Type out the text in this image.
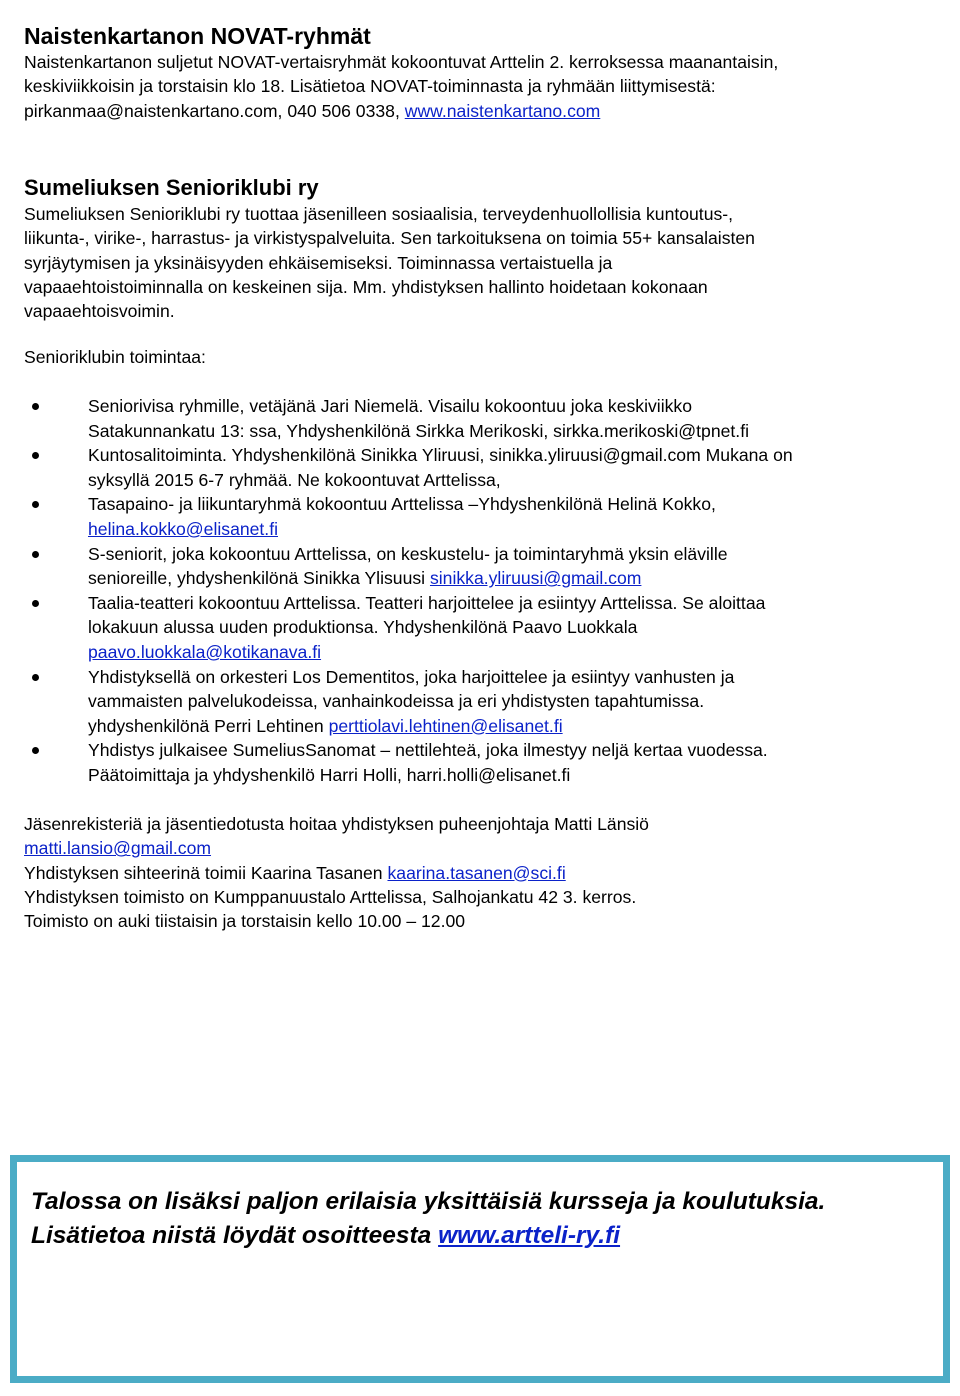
Naistenkartanon NOVAT-ryhmät
Naistenkartanon suljetut NOVAT-vertaisryhmät kokoontuvat Arttelin 2. kerroksessa maanantaisin,
keskiviikkoisin ja torstaisin klo 18. Lisätietoa NOVAT-toiminnasta ja ryhmään liittymisestä:
pirkanmaa@naistenkartano.com, 040 506 0338, www.naistenkartano.com
Sumeliuksen Senioriklubi ry
Sumeliuksen Senioriklubi ry tuottaa jäsenilleen sosiaalisia, terveydenhuollollisia kuntoutus-,
liikunta-, virike-, harrastus- ja virkistyspalveluita. Sen tarkoituksena on toimia 55+ kansalaisten
syrjäytymisen ja yksinäisyyden ehkäisemiseksi. Toiminnassa vertaistuella ja
vapaaehtoistoiminnalla on keskeinen sija. Mm. yhdistyksen hallinto hoidetaan kokonaan
vapaaehtoisvoimin.
Senioriklubin toimintaa:
Seniorivisa ryhmille, vetäjänä Jari Niemelä. Visailu kokoontuu joka keskiviikko
Satakunnankatu 13: ssa, Yhdyshenkilönä Sirkka Merikoski, sirkka.merikoski@tpnet.fi
Kuntosalitoiminta. Yhdyshenkilönä Sinikka Yliruusi, sinikka.yliruusi@gmail.com Mukana on
syksyllä 2015 6-7 ryhmää. Ne kokoontuvat Arttelissa,
Tasapaino- ja liikuntaryhmä kokoontuu Arttelissa –Yhdyshenkilönä Helinä Kokko,
helina.kokko@elisanet.fi
S-seniorit, joka kokoontuu Arttelissa, on keskustelu- ja toimintaryhmä yksin eläville
senioreille, yhdyshenkilönä Sinikka Ylisuusi sinikka.yliruusi@gmail.com
Taalia-teatteri kokoontuu Arttelissa. Teatteri harjoittelee ja esiintyy Arttelissa. Se aloittaa
lokakuun alussa uuden produktionsa. Yhdyshenkilönä Paavo Luokkala
paavo.luokkala@kotikanava.fi
Yhdistyksellä on orkesteri Los Dementitos, joka harjoittelee ja esiintyy vanhusten ja
vammaisten palvelukodeissa, vanhainkodeissa ja eri yhdistysten tapahtumissa.
yhdyshenkilönä Perri Lehtinen perttiolavi.lehtinen@elisanet.fi
Yhdistys julkaisee SumeliusSanomat – nettilehteä, joka ilmestyy neljä kertaa vuodessa.
Päätoimittaja ja yhdyshenkilö Harri Holli, harri.holli@elisanet.fi
Jäsenrekisteriä ja jäsentiedotusta hoitaa yhdistyksen puheenjohtaja Matti Länsiö
matti.lansio@gmail.com
Yhdistyksen sihteerinä toimii Kaarina Tasanen kaarina.tasanen@sci.fi
Yhdistyksen toimisto on Kumppanuustalo Arttelissa, Salhojankatu 42 3. kerros.
Toimisto on auki tiistaisin ja torstaisin kello 10.00 – 12.00
Talossa on lisäksi paljon erilaisia yksittäisiä kursseja ja koulutuksia.
Lisätietoa niistä löydät osoitteesta www.artteli-ry.fi
